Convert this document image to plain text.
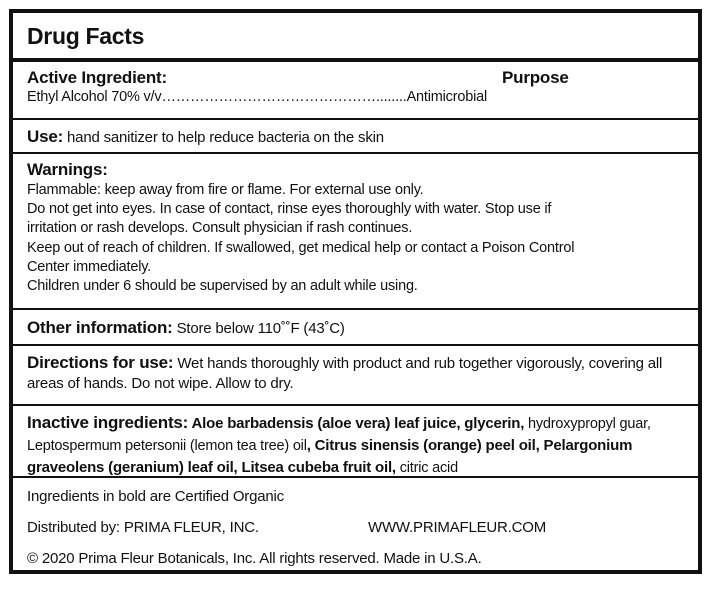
Drug Facts
Active Ingredient:	Purpose
Ethyl Alcohol 70% v/v………………………………………........Antimicrobial
Use: hand sanitizer to help reduce bacteria on the skin
Warnings:
Flammable: keep away from fire or flame. For external use only.
Do not get into eyes. In case of contact, rinse eyes thoroughly with water. Stop use if
irritation or rash develops. Consult physician if rash continues.
Keep out of reach of children. If swallowed, get medical help or contact a Poison Control
Center immediately.
Children under 6 should be supervised by an adult while using.
Other information: Store below 110˚˚F (43˚C)
Directions for use: Wet hands thoroughly with product and rub together vigorously, covering all areas of hands. Do not wipe. Allow to dry.
Inactive ingredients: Aloe barbadensis (aloe vera) leaf juice, glycerin, hydroxypropyl guar, Leptospermum petersonii (lemon tea tree) oil, Citrus sinensis (orange) peel oil, Pelargonium graveolens (geranium) leaf oil, Litsea cubeba fruit oil, citric acid
Ingredients in bold are Certified Organic
Distributed by: PRIMA FLEUR, INC.	WWW.PRIMAFLEUR.COM
© 2020 Prima Fleur Botanicals, Inc. All rights reserved. Made in U.S.A.
